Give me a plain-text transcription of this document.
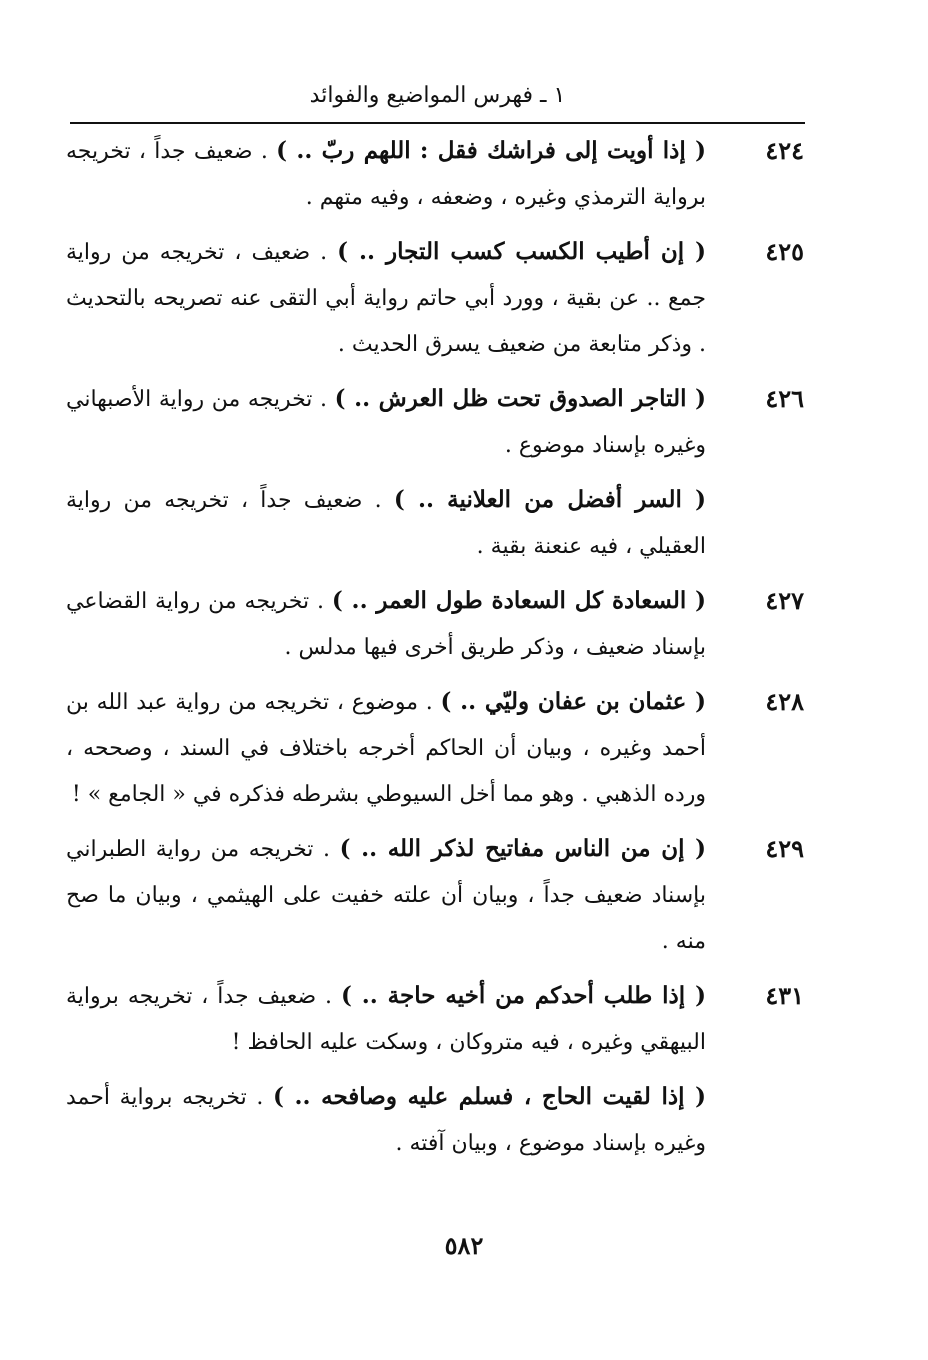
١ ـ فهرس المواضيع والفوائد
٤٢٤
( إذا أويت إلى فراشك فقل : اللهم ربّ .. ) . ضعيف جداً ، تخريجه برواية الترمذي وغيره ، وضعفه ، وفيه متهم .
٤٢٥
( إن أطيب الكسب كسب التجار .. ) . ضعيف ، تخريجه من رواية جمع .. عن بقية ، وورد أبي حاتم رواية أبي التقى عنه تصريحه بالتحديث . وذكر متابعة من ضعيف يسرق الحديث .
٤٢٦
( التاجر الصدوق تحت ظل العرش .. ) . تخريجه من رواية الأصبهاني وغيره بإسناد موضوع .
( السر أفضل من العلانية .. ) . ضعيف جداً ، تخريجه من رواية العقيلي ، فيه عنعنة بقية .
٤٢٧
( السعادة كل السعادة طول العمر .. ) . تخريجه من رواية القضاعي بإسناد ضعيف ، وذكر طريق أخرى فيها مدلس .
٤٢٨
( عثمان بن عفان وليّي .. ) . موضوع ، تخريجه من رواية عبد الله بن أحمد وغيره ، وبيان أن الحاكم أخرجه باختلاف في السند ، وصححه ، ورده الذهبي . وهو مما أخل السيوطي بشرطه فذكره في « الجامع » !
٤٢٩
( إن من الناس مفاتيح لذكر الله .. ) . تخريجه من رواية الطبراني بإسناد ضعيف جداً ، وبيان أن علته خفيت على الهيثمي ، وبيان ما صح منه .
٤٣١
( إذا طلب أحدكم من أخيه حاجة .. ) . ضعيف جداً ، تخريجه برواية البيهقي وغيره ، فيه متروكان ، وسكت عليه الحافظ !
( إذا لقيت الحاج ، فسلم عليه وصافحه .. ) . تخريجه برواية أحمد وغيره بإسناد موضوع ، وبيان آفته .
٥٨٢
